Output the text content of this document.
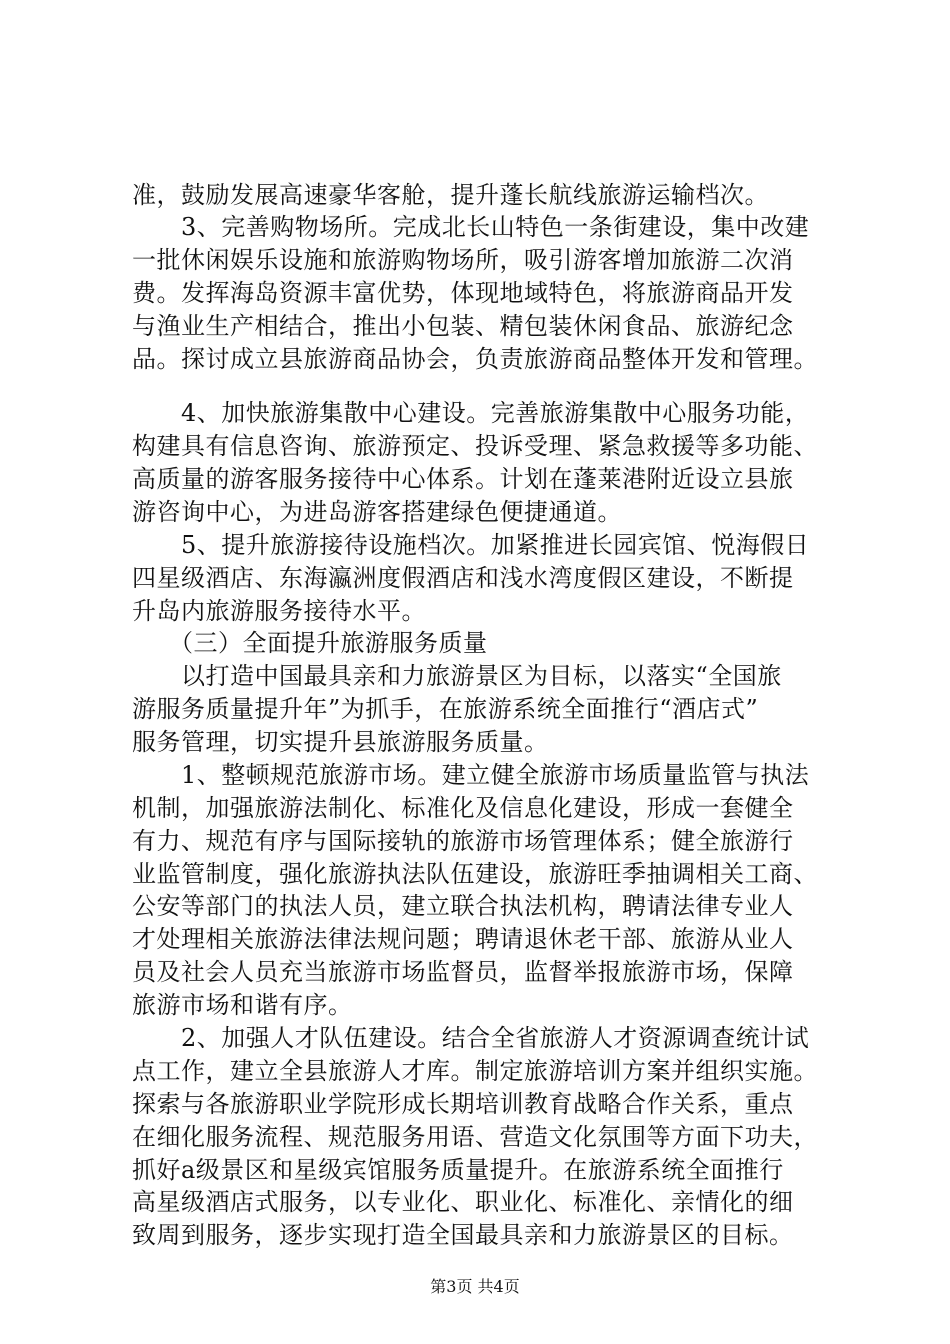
准，鼓励发展高速豪华客舱，提升蓬长航线旅游运输档次。
　　3、完善购物场所。完成北长山特色一条街建设，集中改建
一批休闲娱乐设施和旅游购物场所，吸引游客增加旅游二次消
费。发挥海岛资源丰富优势，体现地域特色，将旅游商品开发
与渔业生产相结合，推出小包装、精包装休闲食品、旅游纪念
品。探讨成立县旅游商品协会，负责旅游商品整体开发和管理。
　　4、加快旅游集散中心建设。完善旅游集散中心服务功能，
构建具有信息咨询、旅游预定、投诉受理、紧急救援等多功能、
高质量的游客服务接待中心体系。计划在蓬莱港附近设立县旅
游咨询中心，为进岛游客搭建绿色便捷通道。
　　5、提升旅游接待设施档次。加紧推进长园宾馆、悦海假日
四星级酒店、东海瀛洲度假酒店和浅水湾度假区建设，不断提
升岛内旅游服务接待水平。
　　（三）全面提升旅游服务质量
　　以打造中国最具亲和力旅游景区为目标，以落实“全国旅
游服务质量提升年”为抓手，在旅游系统全面推行“酒店式”
服务管理，切实提升县旅游服务质量。
　　1、整顿规范旅游市场。建立健全旅游市场质量监管与执法
机制，加强旅游法制化、标准化及信息化建设，形成一套健全
有力、规范有序与国际接轨的旅游市场管理体系；健全旅游行
业监管制度，强化旅游执法队伍建设，旅游旺季抽调相关工商、
公安等部门的执法人员，建立联合执法机构，聘请法律专业人
才处理相关旅游法律法规问题；聘请退休老干部、旅游从业人
员及社会人员充当旅游市场监督员，监督举报旅游市场，保障
旅游市场和谐有序。
　　2、加强人才队伍建设。结合全省旅游人才资源调查统计试
点工作，建立全县旅游人才库。制定旅游培训方案并组织实施。
探索与各旅游职业学院形成长期培训教育战略合作关系，重点
在细化服务流程、规范服务用语、营造文化氛围等方面下功夫，
抓好a级景区和星级宾馆服务质量提升。在旅游系统全面推行
高星级酒店式服务，以专业化、职业化、标准化、亲情化的细
致周到服务，逐步实现打造全国最具亲和力旅游景区的目标。
第3页 共4页
